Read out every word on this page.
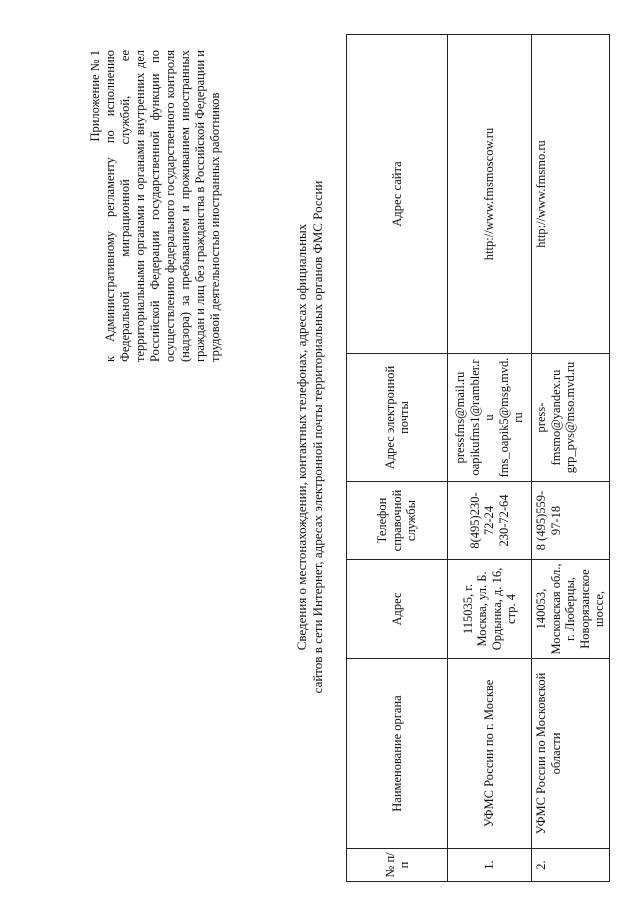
Приложение № 1 к Административному регламенту по исполнению Федеральной миграционной службой, ее территориальными органами и органами внутренних дел Российской Федерации государственной функции по осуществлению федерального государственного контроля (надзора) за пребыванием и проживанием иностранных граждан и лиц без гражданства в Российской Федерации и трудовой деятельностью иностранных работников	Сведения о местонахождении, контактных телефонах, адресах официальных сайтов в сети Интернет, адресах электронной почты территориальных органов ФМС России
№ п/п	Наименование органа	Адрес	Телефон справочной службы	Адрес электронной почты	Адрес сайта
1.	УФМС России по г. Москве	115035, г. Москва, ул. Б. Ордынка, д. 16, стр. 4	8(495)230-72-24 230-72-64	pressfms@mail.ru oapikufms1@rambler.ru fms_oapik5@msg.mvd.ru	http://www.fmsmoscow.ru
2.	УФМС России по Московской области	140053, Московская обл., г. Люберцы, Новорязанское шоссе,	8 (495)559-97-18	press-fmsmo@yandex.ru grp_pvs@mso.mvd.ru	http://www.fmsmo.ru
